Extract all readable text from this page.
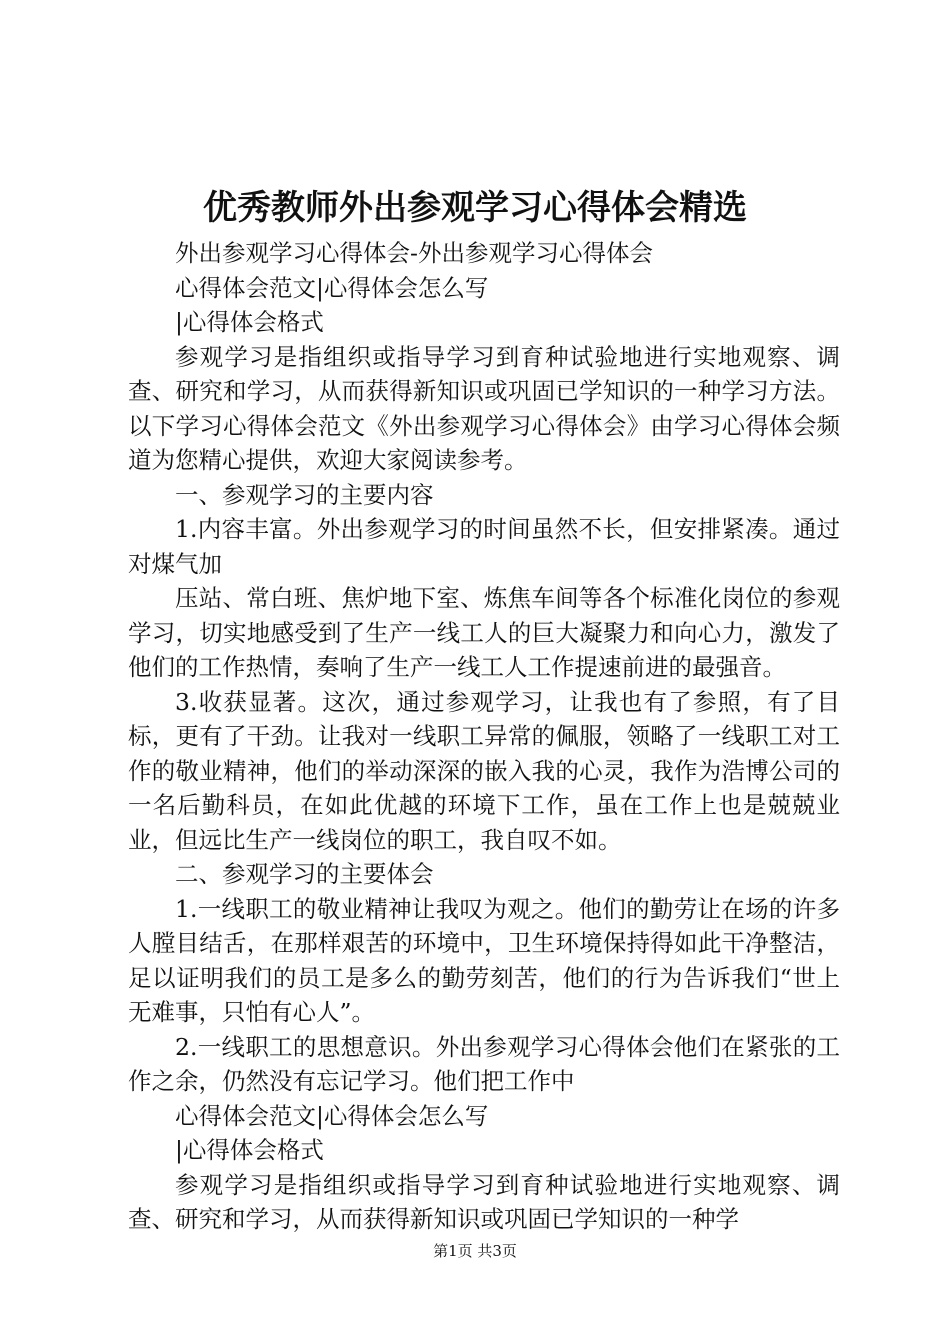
优秀教师外出参观学习心得体会精选

外出参观学习心得体会-外出参观学习心得体会

心得体会范文|心得体会怎么写

|心得体会格式

参观学习是指组织或指导学习到育种试验地进行实地观察、调查、研究和学习，从而获得新知识或巩固已学知识的一种学习方法。以下学习心得体会范文《外出参观学习心得体会》由学习心得体会频道为您精心提供，欢迎大家阅读参考。

一、参观学习的主要内容

1.内容丰富。外出参观学习的时间虽然不长，但安排紧凑。通过对煤气加

压站、常白班、焦炉地下室、炼焦车间等各个标准化岗位的参观学习，切实地感受到了生产一线工人的巨大凝聚力和向心力，激发了他们的工作热情，奏响了生产一线工人工作提速前进的最强音。

3.收获显著。这次，通过参观学习，让我也有了参照，有了目标，更有了干劲。让我对一线职工异常的佩服，领略了一线职工对工作的敬业精神，他们的举动深深的嵌入我的心灵，我作为浩博公司的一名后勤科员，在如此优越的环境下工作，虽在工作上也是兢兢业业，但远比生产一线岗位的职工，我自叹不如。

二、参观学习的主要体会

1.一线职工的敬业精神让我叹为观之。他们的勤劳让在场的许多人膛目结舌，在那样艰苦的环境中，卫生环境保持得如此干净整洁，足以证明我们的员工是多么的勤劳刻苦，他们的行为告诉我们“世上无难事，只怕有心人”。

2.一线职工的思想意识。外出参观学习心得体会他们在紧张的工作之余，仍然没有忘记学习。他们把工作中

心得体会范文|心得体会怎么写

|心得体会格式

参观学习是指组织或指导学习到育种试验地进行实地观察、调查、研究和学习，从而获得新知识或巩固已学知识的一种学

第1页 共3页
